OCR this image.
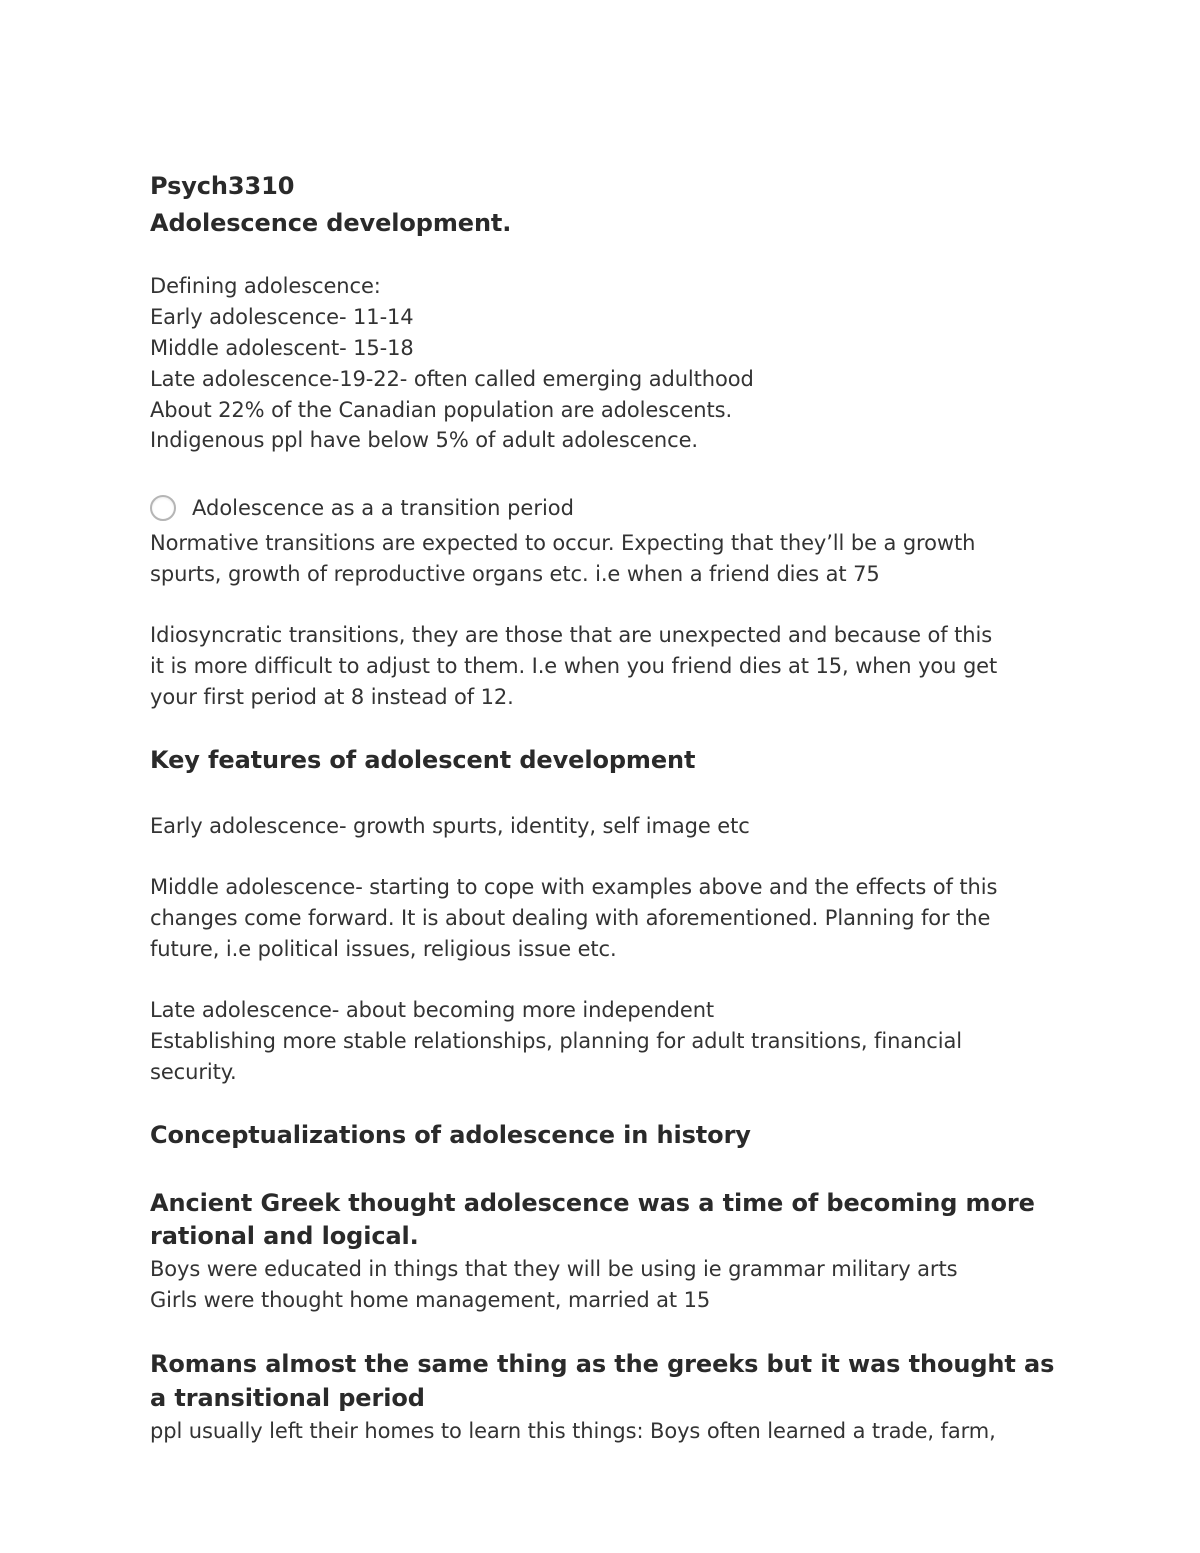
Psych3310
Adolescence development.
Defining adolescence:
Early adolescence- 11-14
Middle adolescent- 15-18
Late adolescence-19-22- often called emerging adulthood
About 22% of the Canadian population are adolescents.
Indigenous ppl have below 5% of adult adolescence.
Adolescence as a a transition period
Normative transitions are expected to occur. Expecting that they’ll be a growth
spurts, growth of reproductive organs etc. i.e when a friend dies at 75
Idiosyncratic transitions, they are those that are unexpected and because of this
it is more difficult to adjust to them. I.e when you friend dies at 15, when you get
your first period at 8 instead of 12.
Key features of adolescent development
Early adolescence- growth spurts, identity, self image etc
Middle adolescence- starting to cope with examples above and the effects of this
changes come forward. It is about dealing with aforementioned. Planning for the
future, i.e political issues, religious issue etc.
Late adolescence- about becoming more independent
Establishing more stable relationships, planning for adult transitions, financial
security.
Conceptualizations of adolescence in history
Ancient Greek thought adolescence was a time of becoming more
rational and logical.
Boys were educated in things that they will be using ie grammar military arts
Girls were thought home management, married at 15
Romans almost the same thing as the greeks but it was thought as
a transitional period
ppl usually left their homes to learn this things: Boys often learned a trade, farm,
